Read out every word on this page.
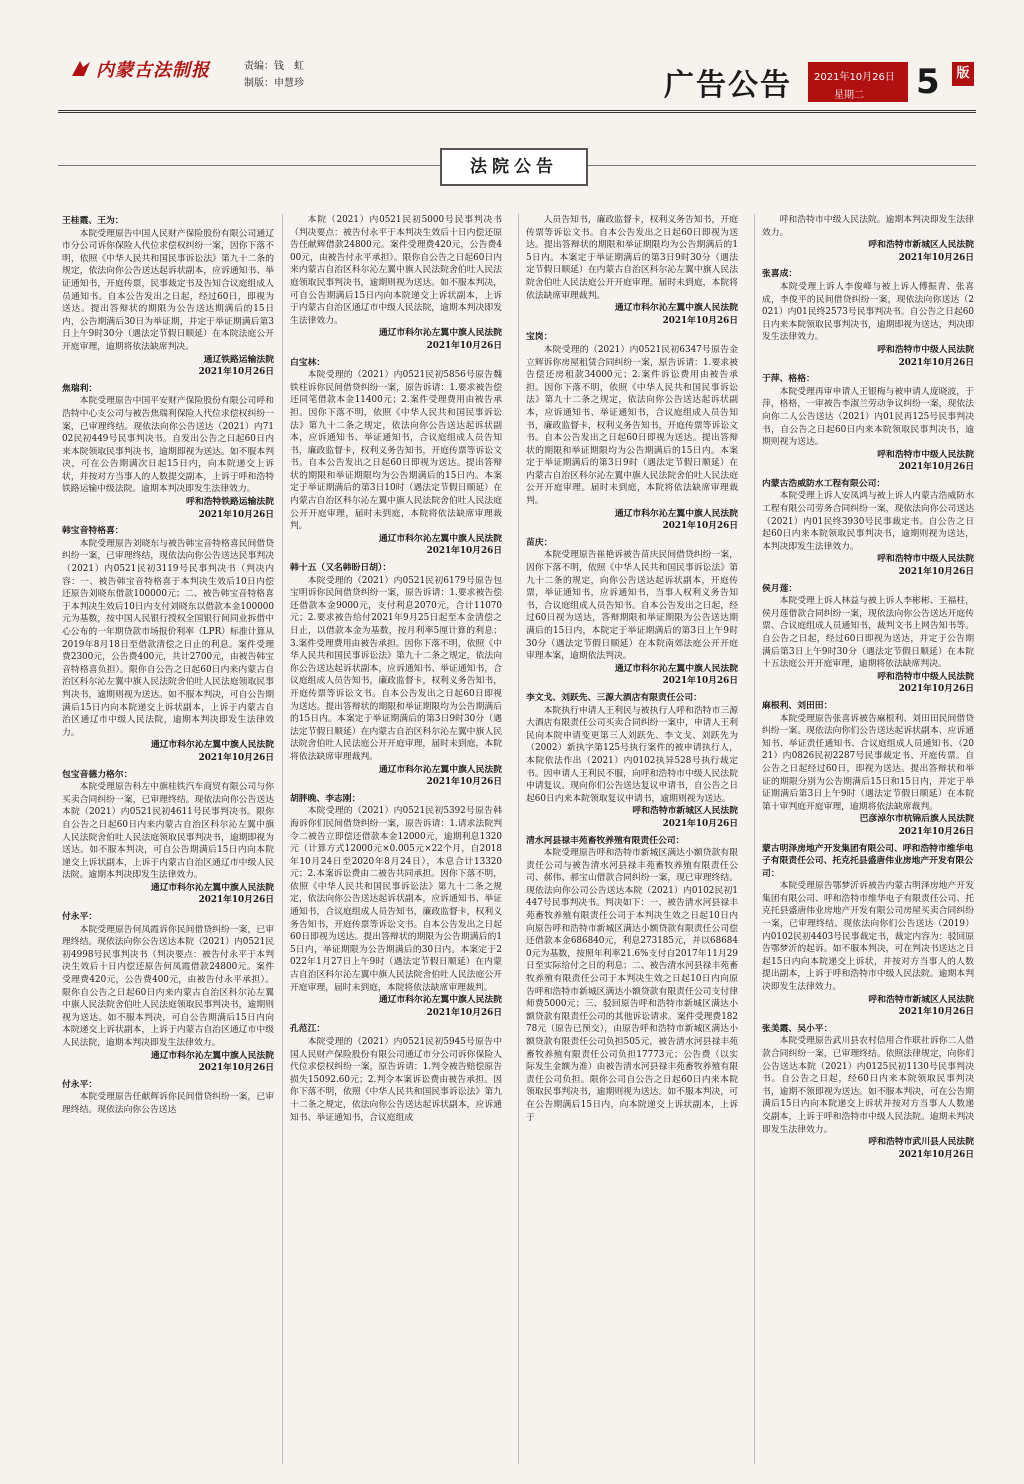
内蒙古法制报	责编：钱　虹
制版：申慧珍	广告公告 2021年10月26日
星期二 5	版
法院公告
王桂霞、王为：
本院受理原告中国人民财产保险股份有限公司通辽市分公司诉你保险人代位求偿权纠纷一案，因你下落不明，依照《中华人民共和国民事诉讼法》第九十二条的规定，依法向你公告送达起诉状副本，应诉通知书、举证通知书，开庭传票，民事裁定书及告知合议庭组成人员通知书。自本公告发出之日起，经过60日，即视为送达。提出答辩状的期限为公告送达期满后的15日内，公告期满后30日为举证期，并定于举证期满后第3日上午9时30分（遇法定节假日顺延）在本院法庭公开开庭审理，逾期将依法缺席判决。
通辽铁路运输法院
2021年10月26日
焦瑞利：
本院受理原告中国平安财产保险股份有限公司呼和浩特中心支公司与被告焦瑞利保险人代位求偿权纠纷一案，已审理终结。现依法向你公告送达（2021）内7102民初449号民事判决书。自发出公告之日起60日内来本院领取民事判决书，逾期即视为送达。如不服本判决，可在公告期满次日起15日内，向本院递交上诉状，并按对方当事人的人数提交副本，上诉于呼和浩特铁路运输中级法院。逾期本判决即发生法律效力。
呼和浩特铁路运输法院
2021年10月26日
韩宝音特格喜：
本院受理原告刘晓东与被告韩宝音特格喜民间借贷纠纷一案，已审理终结，现依法向你公告送达民事判决（2021）内0521民初3119号民事判决书（判决内容：一、被告韩宝音特格喜于本判决生效后10日内偿还原告刘晓东借款100000元；二、被告韩宝音特格喜于本判决生效后10日内支付刘晓东以借款本金100000元为基数，按中国人民银行授权全国银行间同业拆借中心公布的一年期贷款市场报价利率（LPR）标准计算从2019年8月18日至借款清偿之日止的利息。案件受理费2300元，公告费400元，共计2700元，由被告韩宝音特格喜负担）。限你自公告之日起60日内来内蒙古自治区科尔沁左翼中旗人民法院舍伯吐人民法庭领取民事判决书，逾期则视为送达。如不服本判决，可自公告期满后15日内向本院递交上诉状副本，上诉于内蒙古自治区通辽市中级人民法院，逾期本判决即发生法律效力。
通辽市科尔沁左翼中旗人民法院
2021年10月26日
包宝音德力格尔：
本院受理原告科左中旗桂铁汽车商贸有限公司与你买卖合同纠纷一案，已审理终结。现依法向你公告送达本院（2021）内0521民初4611号民事判决书。限你自公告之日起60日内来内蒙古自治区科尔沁左翼中旗人民法院舍伯吐人民法庭领取民事判决书，逾期即视为送达。如不服本判决，可自公告期满后15日内向本院递交上诉状副本，上诉于内蒙古自治区通辽市中级人民法院。逾期本判决即发生法律效力。
通辽市科尔沁左翼中旗人民法院
2021年10月26日
付永平：
本院受理原告何凤霞诉你民间借贷纠纷一案，已审理终结。现依法向你公告送达本院（2021）内0521民初4998号民事判决书（判决要点：被告付永平于本判决生效后十日内偿还原告何凤霞借款24800元。案件受理费420元，公告费400元，由被告付永平承担）。限你自公告之日起60日内来内蒙古自治区科尔沁左翼中旗人民法院舍伯吐人民法庭领取民事判决书，逾期则视为送达。如不服本判决，可自公告期满后15日内向本院递交上诉状副本，上诉于内蒙古自治区通辽市中级人民法院，逾期本判决即发生法律效力。
通辽市科尔沁左翼中旗人民法院
2021年10月26日
付永平：
本院受理原告任献辉诉你民间借贷纠纷一案，已审理终结。现依法向你公告送达
本院（2021）内0521民初5000号民事判决书（判决要点：被告付永平于本判决生效后十日内偿还原告任献辉借款24800元。案件受理费420元，公告费400元，由被告付永平承担）。限你自公告之日起60日内来内蒙古自治区科尔沁左翼中旗人民法院舍伯吐人民法庭领取民事判决书，逾期则视为送达。如不服本判决，可自公告期满后15日内向本院递交上诉状副本，上诉于内蒙古自治区通辽市中级人民法院，逾期本判决即发生法律效力。
通辽市科尔沁左翼中旗人民法院
2021年10月26日
白宝林：
本院受理的（2021）内0521民初5856号原告魏铁柱诉你民间借贷纠纷一案，原告诉请：1.要求被告偿还同笔借款本金11400元；2.案件受理费用由被告承担。因你下落不明，依照《中华人民共和国民事诉讼法》第九十二条之规定，依法向你公告送达起诉状副本，应诉通知书、举证通知书，合议庭组成人员告知书，廉政监督卡，权利义务告知书，开庭传票等诉讼文书。自本公告发出之日起60日即视为送达。提出答辩状的期限和举证期限均为公告期满后的15日内。本案定于举证期满后的第3日10时（遇法定节假日顺延）在内蒙古自治区科尔沁左翼中旗人民法院舍伯吐人民法庭公开开庭审理，届时未到庭，本院将依法缺席审理裁判。
通辽市科尔沁左翼中旗人民法院
2021年10月26日
韩十五（又名韩盼日胡）：
本院受理的（2021）内0521民初6179号原告包宝明诉你民间借贷纠纷一案，原告诉请：1.要求被告偿还借款本金9000元，支付利息2070元，合计11070元；2.要求被告给付2021年9月25日起至本金清偿之日止，以借款本金为基数，按月利率5厘计算的利息；3.案件受理费用由被告承担。因你下落不明，依照《中华人民共和国民事诉讼法》第九十二条之规定，依法向你公告送达起诉状副本，应诉通知书、举证通知书，合议庭组成人员告知书，廉政监督卡，权利义务告知书，开庭传票等诉讼文书。自本公告发出之日起60日即视为送达。提出答辩状的期限和举证期限均为公告期满后的15日内。本案定于举证期满后的第3日9时30分（遇法定节假日顺延）在内蒙古自治区科尔沁左翼中旗人民法院舍伯吐人民法庭公开开庭审理，届时未到庭，本院将依法缺席审理裁判。
通辽市科尔沁左翼中旗人民法院
2021年10月26日
胡胖晚、李志刚：
本院受理的（2021）内0521民初5392号原告韩海诉你们民间借贷纠纷一案，原告诉请：1.请求法院判令二被告立即偿还借款本金12000元，逾期利息1320元（计算方式12000元×0.005元×22个月，自2018年10月24日至2020年8月24日），本息合计13320元；2.本案诉讼费由二被告共同承担。因你下落不明，依照《中华人民共和国民事诉讼法》第九十二条之规定，依法向你公告送达起诉状副本，应诉通知书、举证通知书，合议庭组成人员告知书，廉政监督卡，权利义务告知书，开庭传票等诉讼文书。自本公告发出之日起60日即视为送达。提出答辩状的期限为公告期满后的15日内，举证期限为公告期满后的30日内。本案定于2022年1月27日上午9时（遇法定节假日顺延）在内蒙古自治区科尔沁左翼中旗人民法院舍伯吐人民法庭公开开庭审理，届时未到庭，本院将依法缺席审理裁判。
通辽市科尔沁左翼中旗人民法院
2021年10月26日
孔范江：
本院受理的（2021）内0521民初5945号原告中国人民财产保险股份有限公司通辽市分公司诉你保险人代位求偿权纠纷一案，原告诉请：1.判令被告赔偿原告损失15092.60元；2.判令本案诉讼费由被告承担。因你下落不明，依照《中华人民共和国民事诉讼法》第九十二条之规定，依法向你公告送达起诉状副本，应诉通知书、举证通知书，合议庭组成
人员告知书，廉政监督卡，权利义务告知书，开庭传票等诉讼文书。自本公告发出之日起60日即视为送达。提出答辩状的期限和举证期限均为公告期满后的15日内。本案定于举证期满后的第3日9时30分（遇法定节假日顺延）在内蒙古自治区科尔沁左翼中旗人民法院舍伯吐人民法庭公开开庭审理。届时未到庭，本院将依法缺席审理裁判。
通辽市科尔沁左翼中旗人民法院
2021年10月26日
宝岗：
本院受理的（2021）内0521民初6347号原告金立辉诉你房屋租赁合同纠纷一案，原告诉请：1.要求被告偿还房租款34000元；2.案件诉讼费用由被告承担。因你下落不明，依照《中华人民共和国民事诉讼法》第九十二条之规定，依法向你公告送达起诉状副本，应诉通知书、举证通知书，合议庭组成人员告知书，廉政监督卡，权利义务告知书，开庭传票等诉讼文书。自本公告发出之日起60日即视为送达。提出答辩状的期限和举证期限均为公告期满后的15日内。本案定于举证期满后的第3日9时（遇法定节假日顺延）在内蒙古自治区科尔沁左翼中旗人民法院舍伯吐人民法庭公开开庭审理。届时未到庭，本院将依法缺席审理裁判。
通辽市科尔沁左翼中旗人民法院
2021年10月26日
苗庆：
本院受理原告崔艳诉被告苗庆民间借贷纠纷一案，因你下落不明，依照《中华人民共和国民事诉讼法》第九十二条的规定，向你公告送达起诉状副本，开庭传票，举证通知书，应诉通知书，当事人权利义务告知书，合议庭组成人员告知书。自本公告发出之日起，经过60日视为送达，答辩期限和举证期限为公告送达期满后的15日内，本院定于举证期满后的第3日上午9时30分（遇法定节假日顺延）在本院南郊法庭公开开庭审理本案，逾期依法判决。
通辽市科尔沁左翼中旗人民法院
2021年10月26日
李文戈、刘跃先、三源大酒店有限责任公司：
本院执行申请人王利民与被执行人呼和浩特市三源大酒店有限责任公司买卖合同纠纷一案中，申请人王利民向本院申请变更第三人刘跃先、李文戈、刘跃先为（2002）新执字第125号执行案件的被申请执行人，本院依法作出（2021）内0102执异528号执行裁定书。因申请人王利民不服，向呼和浩特市中级人民法院申请复议。现向你们公告送达复议申请书，自公告之日起60日内来本院领取复议申请书，逾期则视为送达。
呼和浩特市新城区人民法院
2021年10月26日
清水河县禄丰苑畜牧养殖有限责任公司：
本院受理原告呼和浩特市新城区满达小额贷款有限责任公司与被告清水河县禄丰苑畜牧养殖有限责任公司、郝伟、郝宝山借款合同纠纷一案，现已审理终结。现依法向你公司公告送达本院（2021）内0102民初1447号民事判决书。判决如下：一、被告清水河县禄丰苑畜牧养殖有限责任公司于本判决生效之日起10日内向原告呼和浩特市新城区满达小额贷款有限责任公司偿还借款本金686840元，利息273185元，并以686840元为基数，按照年利率21.6%支付自2017年11月29日至实际给付之日的利息；二、被告清水河县禄丰苑畜牧养殖有限责任公司于本判决生效之日起10日内向原告呼和浩特市新城区满达小额贷款有限责任公司支付律师费5000元；三、驳回原告呼和浩特市新城区满达小额贷款有限责任公司的其他诉讼请求。案件受理费18278元（原告已预交），由原告呼和浩特市新城区满达小额贷款有限责任公司负担505元，被告清水河县禄丰苑畜牧养殖有限责任公司负担17773元；公告费（以实际发生金额为准）由被告清水河县禄丰苑畜牧养殖有限责任公司负担。限你公司自公告之日起60日内来本院领取民事判决书，逾期则视为送达。如不服本判决，可在公告期满后15日内，向本院递交上诉状副本，上诉于
呼和浩特市中级人民法院。逾期本判决即发生法律效力。
呼和浩特市新城区人民法院
2021年10月26日
张喜成：
本院受理上诉人李俊峰与被上诉人傅振青、张喜成，李俊平的民间借贷纠纷一案，现依法向你送达（2021）内01民终2573号民事判决书。自公告之日起60日内来本院领取民事判决书，逾期即视为送达，判决即发生法律效力。
呼和浩特市中级人民法院
2021年10月26日
于萍、格格：
本院受理再审申请人王银梅与被申请人庞晓波，于萍，格格，一审被告李淑兰劳动争议纠纷一案，现依法向你二人公告送达（2021）内01民再125号民事判决书，自公告之日起60日内来本院领取民事判决书，逾期则视为送达。
呼和浩特市中级人民法院
2021年10月26日
内蒙古浩威防水工程有限公司：
本院受理上诉人安凤鸿与被上诉人内蒙古浩威防水工程有限公司劳务合同纠纷一案，现依法向你公司送达（2021）内01民终3930号民事裁定书。自公告之日起60日内来本院领取民事判决书，逾期则视为送达，本判决即发生法律效力。
呼和浩特市中级人民法院
2021年10月26日
侯月莲：
本院受理上诉人林益与被上诉人李彬彬、王福柱，侯月莲借款合同纠纷一案，现依法向你公告送达开庭传票、合议庭组成人员通知书，裁判文书上网告知书等。自公告之日起，经过60日即视为送达，并定于公告期满后第3日上午9时30分（遇法定节假日顺延）在本院十五法庭公开开庭审理，逾期将依法缺席判决。
呼和浩特市中级人民法院
2021年10月26日
麻根利、刘田田：
本院受理原告张喜诉被告麻根利、刘田田民间借贷纠纷一案。现依法向你们公告送达起诉状副本、应诉通知书、举证责任通知书、合议庭组成人员通知书、（2021）内0826民初2287号民事裁定书、开庭传票。自公告之日起经过60日，即视为送达。提出答辩状和举证的期限分别为公告期满后15日和15日内，并定于举证期满后第3日上午9时（遇法定节假日顺延）在本院第十审判庭开庭审理，逾期将依法缺席裁判。
巴彦淖尔市杭锦后旗人民法院
2021年10月26日
蒙古明泽房地产开发集团有限公司、呼和浩特市维华电子有限责任公司、托克托县盛唐伟业房地产开发有限公司：
本院受理原告鄂梦沂诉被告内蒙古明泽房地产开发集团有限公司、呼和浩特市维华电子有限责任公司、托克托县盛唐伟业房地产开发有限公司房屋买卖合同纠纷一案，已审理终结。现依法向你们公告送达（2019）内0102民初4403号民事裁定书，裁定内容为：驳回原告鄂梦沂的起诉。如不服本判决，可在判决书送达之日起15日内向本院递交上诉状，并按对方当事人的人数提出副本，上诉于呼和浩特市中级人民法院。逾期本判决即发生法律效力。
呼和浩特市新城区人民法院
2021年10月26日
张美霞、吴小平：
本院受理原告武川县农村信用合作联社诉你二人借款合同纠纷一案，已审理终结。依照法律规定，向你们公告送达本院（2021）内0125民初1130号民事判决书。自公告之日起，经60日内来本院领取民事判决书，逾期不领即视为送达。如不服本判决，可在公告期满后15日内向本院递交上诉状并按对方当事人人数递交副本，上诉于呼和浩特市中级人民法院。逾期未判决即发生法律效力。
呼和浩特市武川县人民法院
2021年10月26日
